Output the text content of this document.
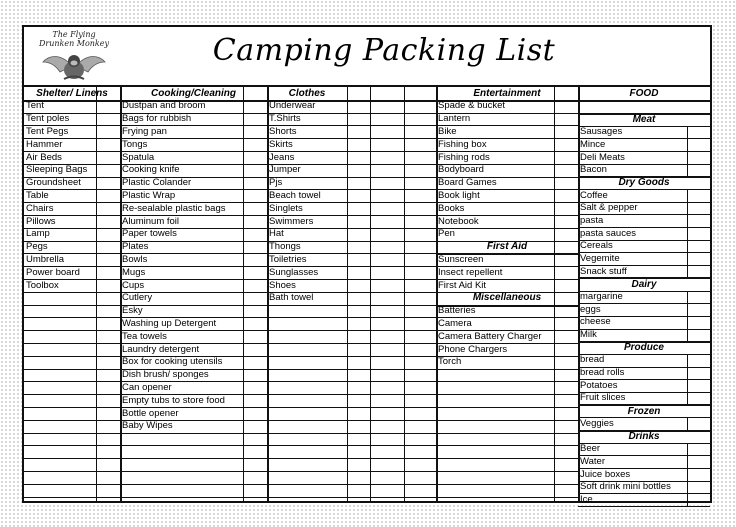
The Flying
Drunken Monkey	Camping Packing List
Shelter/ Linens	Cooking/Cleaning
Tent
Tent poles
Tent Pegs
Hammer
Air Beds
Sleeping Bags
Groundsheet
Table
Chairs
Pillows
Lamp
Pegs
Umbrella
Power board
Toolbox
Dustpan and broom
Bags for rubbish
Frying pan
Tongs
Spatula
Cooking knife
Plastic Colander
Plastic Wrap
Re-sealable plastic bags
Aluminum foil
Paper towels
Plates
Bowls
Mugs
Cups
Cutlery
Esky
Washing up Detergent
Tea towels
Laundry detergent
Box for cooking utensils
Dish brush/ sponges
Can opener
Empty tubs to store food
Bottle opener
Baby Wipes
Clothes
Underwear
T.Shirts
Shorts
Skirts
Jeans
Jumper
Pjs
Beach towel
Singlets
Swimmers
Hat
Thongs
Toiletries
Sunglasses
Shoes
Bath towel
Entertainment
Spade & bucket
Lantern
Bike
Fishing box
Fishing rods
Bodyboard
Board Games
Book light
Books
Notebook
Pen
First Aid
Sunscreen
Insect repellent
First Aid Kit
Miscellaneous
Batteries
Camera
Camera Battery Charger
Phone Chargers
Torch
FOOD
Meat
Sausages
Mince
Deli Meats
Bacon
Dry Goods
Coffee
Salt & pepper
pasta
pasta sauces
Cereals
Vegemite
Snack stuff
Dairy
margarine
eggs
cheese
Milk
Produce
bread
bread rolls
Potatoes
Fruit slices
Frozen
Veggies
Drinks
Beer
Water
Juice boxes
Soft drink mini bottles
Ice
